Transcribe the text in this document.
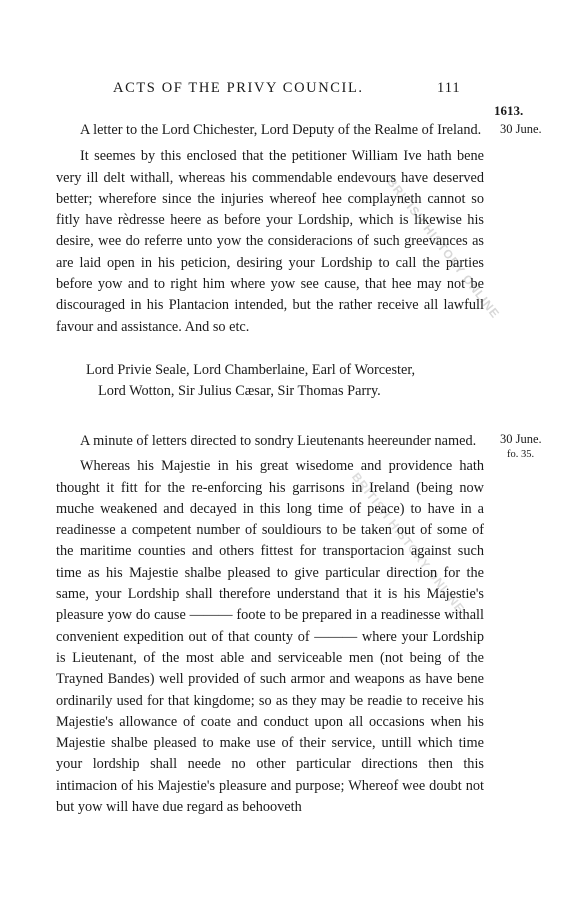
BRITISH HISTORY ONLINE
BRITISH HISTORY ONLINE
ACTS OF THE PRIVY COUNCIL.	111
1613.
30 June.
30 June.
fo. 35.

A letter to the Lord Chichester, Lord Deputy of the Realme of Ireland.

It seemes by this enclosed that the petitioner William Ive hath bene very ill delt withall, whereas his commendable endevours have deserved better; wherefore since the injuries whereof hee complayneth cannot so fitly have rèdresse heere as before your Lordship, which is likewise his desire, wee do referre unto yow the consideracions of such greevances as are laid open in his peticion, desiring your Lordship to call the parties before yow and to right him where yow see cause, that hee may not be discouraged in his Plantacion intended, but the rather receive all lawfull favour and assistance. And so etc.

Lord Privie Seale, Lord Chamberlaine, Earl of Worcester,
Lord Wotton, Sir Julius Cæsar, Sir Thomas Parry.

A minute of letters directed to sondry Lieutenants heereunder named.

Whereas his Majestie in his great wisedome and providence hath thought it fitt for the re-enforcing his garrisons in Ireland (being now muche weakened and decayed in this long time of peace) to have in a readinesse a competent number of souldiours to be taken out of some of the maritime counties and others fittest for transportacion against such time as his Majestie shalbe pleased to give particular direction for the same, your Lordship shall therefore understand that it is his Majestie's pleasure yow do cause ——— foote to be prepared in a readinesse withall convenient expedition out of that county of ——— where your Lordship is Lieutenant, of the most able and serviceable men (not being of the Trayned Bandes) well provided of such armor and weapons as have bene ordinarily used for that kingdome; so as they may be readie to receive his Majestie's allowance of coate and conduct upon all occasions when his Majestie shalbe pleased to make use of their service, untill which time your lordship shall neede no other particular directions then this intimacion of his Majestie's pleasure and purpose; Whereof wee doubt not but yow will have due regard as behooveth
